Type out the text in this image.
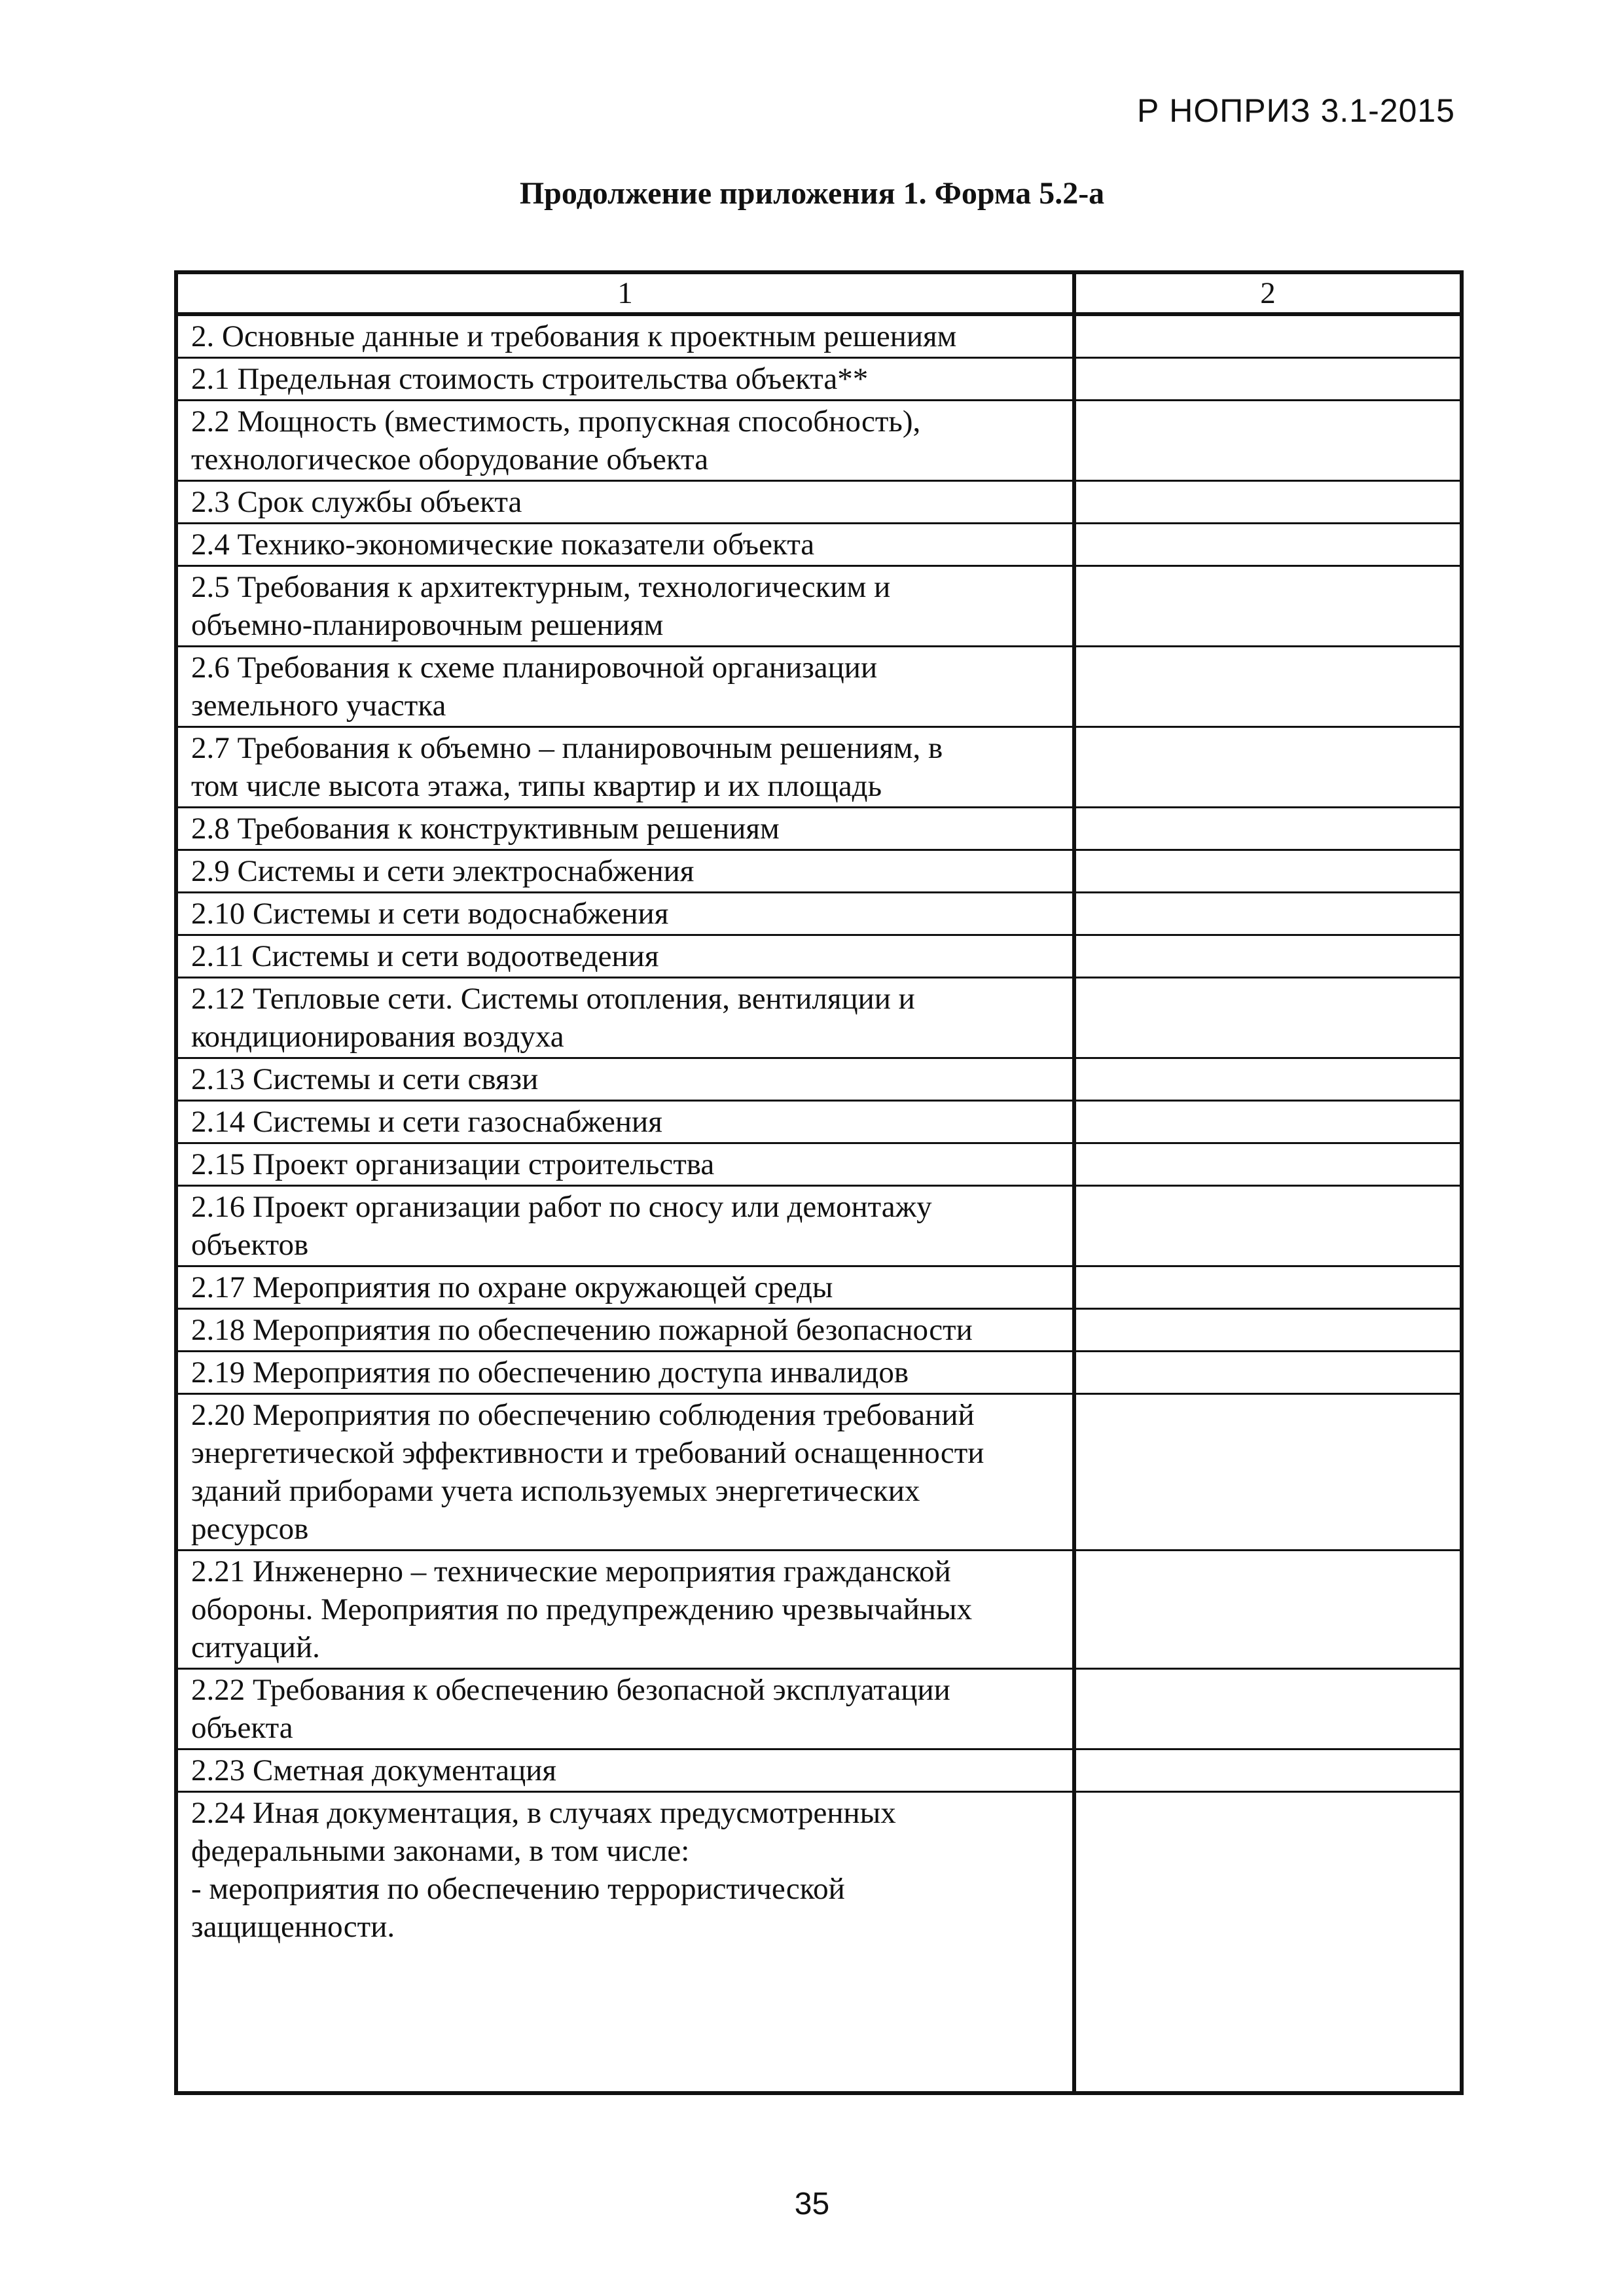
Р НОПРИЗ 3.1-2015
Продолжение приложения 1. Форма 5.2-а
1	2
2. Основные данные и требования к проектным решениям	
2.1 Предельная стоимость строительства объекта**	
2.2 Мощность (вместимость, пропускная способность),
технологическое оборудование объекта	
2.3 Срок службы объекта	
2.4 Технико-экономические показатели объекта	
2.5 Требования к архитектурным, технологическим и
объемно-планировочным решениям	
2.6 Требования к схеме планировочной организации
земельного участка	
2.7 Требования к объемно – планировочным решениям, в
том числе высота этажа, типы квартир и их площадь	
2.8 Требования к конструктивным решениям	
2.9 Системы и сети электроснабжения	
2.10 Системы и сети водоснабжения	
2.11 Системы и сети водоотведения	
2.12 Тепловые сети. Системы отопления, вентиляции и
кондиционирования воздуха	
2.13 Системы и сети связи	
2.14 Системы и сети газоснабжения	
2.15 Проект организации строительства	
2.16 Проект организации работ по сносу или демонтажу
объектов	
2.17 Мероприятия по охране окружающей среды	
2.18 Мероприятия по обеспечению пожарной безопасности	
2.19 Мероприятия по обеспечению доступа инвалидов	
2.20 Мероприятия по обеспечению соблюдения требований
энергетической эффективности и требований оснащенности
зданий приборами учета используемых энергетических
ресурсов	
2.21 Инженерно – технические мероприятия гражданской
обороны. Мероприятия по предупреждению чрезвычайных
ситуаций.	
2.22 Требования к обеспечению безопасной эксплуатации
объекта	
2.23 Сметная документация	
2.24 Иная документация, в случаях предусмотренных
федеральными законами, в том числе:
- мероприятия по обеспечению террористической
защищенности.	
35
